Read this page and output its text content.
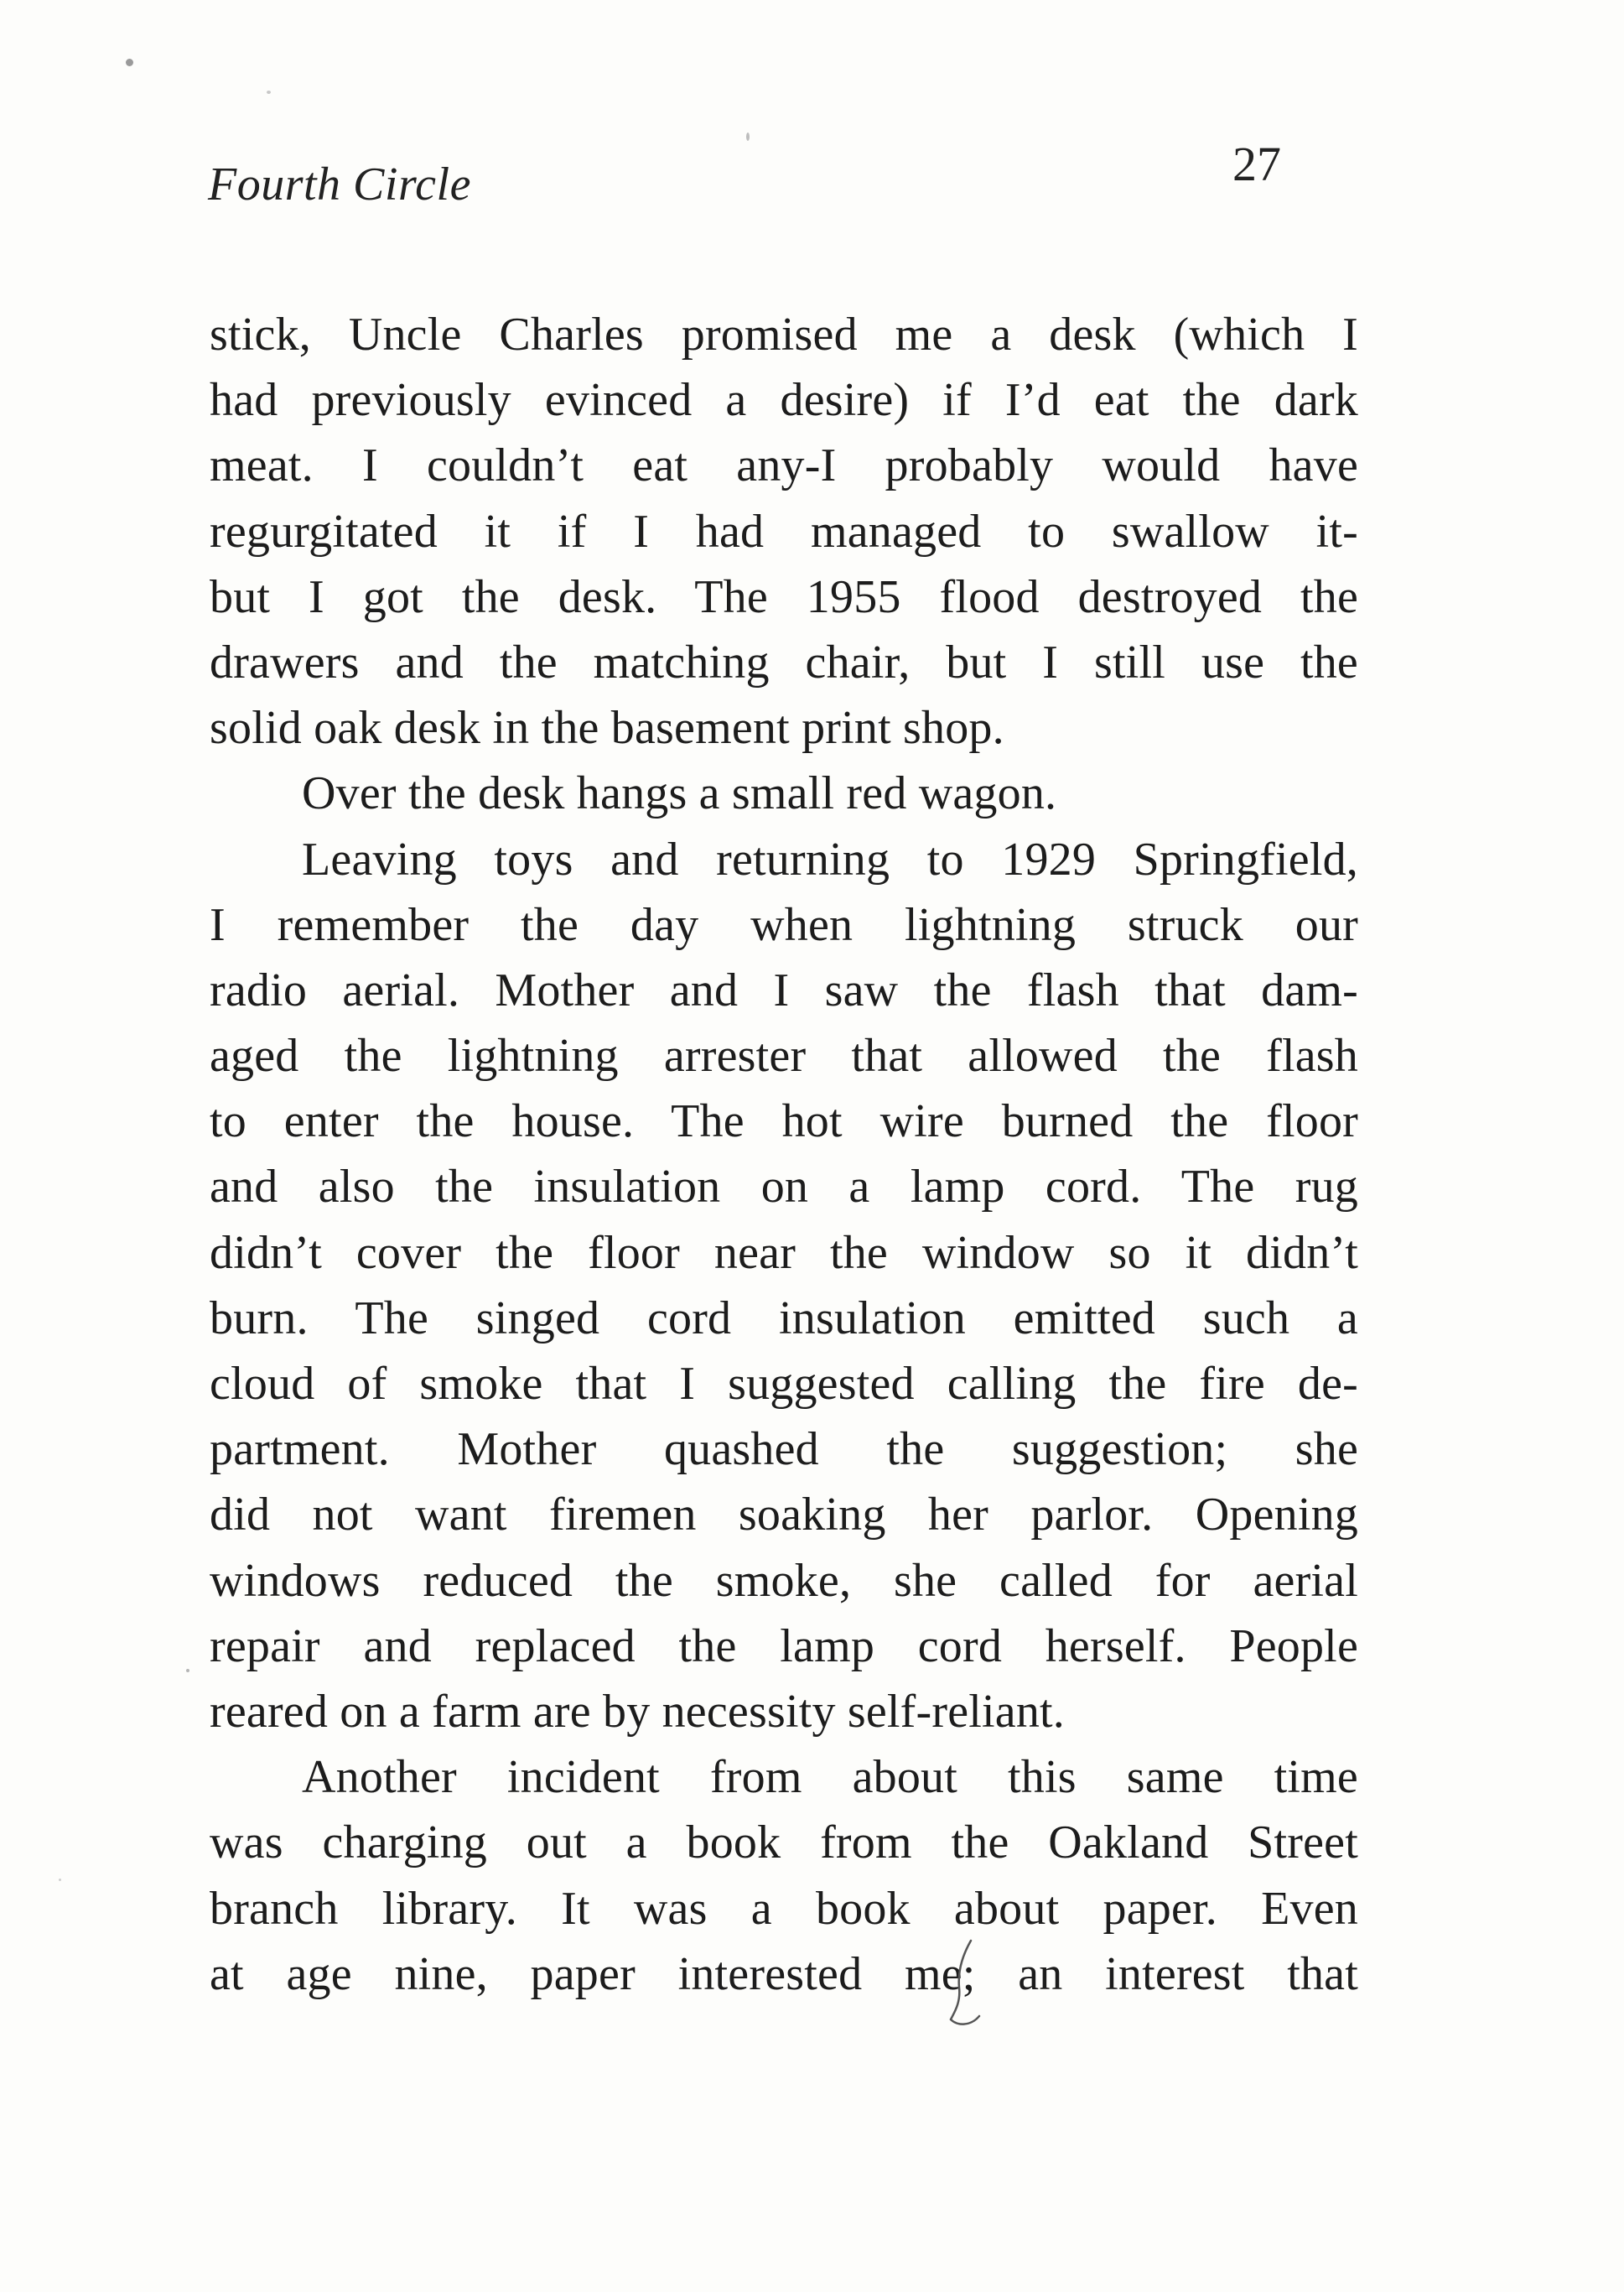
Fourth Circle	27
stick, Uncle Charles promised me a desk (which I
had previously evinced a desire) if I’d eat the dark
meat. I couldn’t eat any-I probably would have
regurgitated it if I had managed to swallow it-
but I got the desk. The 1955 flood destroyed the
drawers and the matching chair, but I still use the
solid oak desk in the basement print shop.
Over the desk hangs a small red wagon.
Leaving toys and returning to 1929 Springfield,
I remember the day when lightning struck our
radio aerial. Mother and I saw the flash that dam-
aged the lightning arrester that allowed the flash
to enter the house. The hot wire burned the floor
and also the insulation on a lamp cord. The rug
didn’t cover the floor near the window so it didn’t
burn. The singed cord insulation emitted such a
cloud of smoke that I suggested calling the fire de-
partment. Mother quashed the suggestion; she
did not want firemen soaking her parlor. Opening
windows reduced the smoke, she called for aerial
repair and replaced the lamp cord herself. People
reared on a farm are by necessity self-reliant.
Another incident from about this same time
was charging out a book from the Oakland Street
branch library. It was a book about paper. Even
at age nine, paper interested me; an interest that
